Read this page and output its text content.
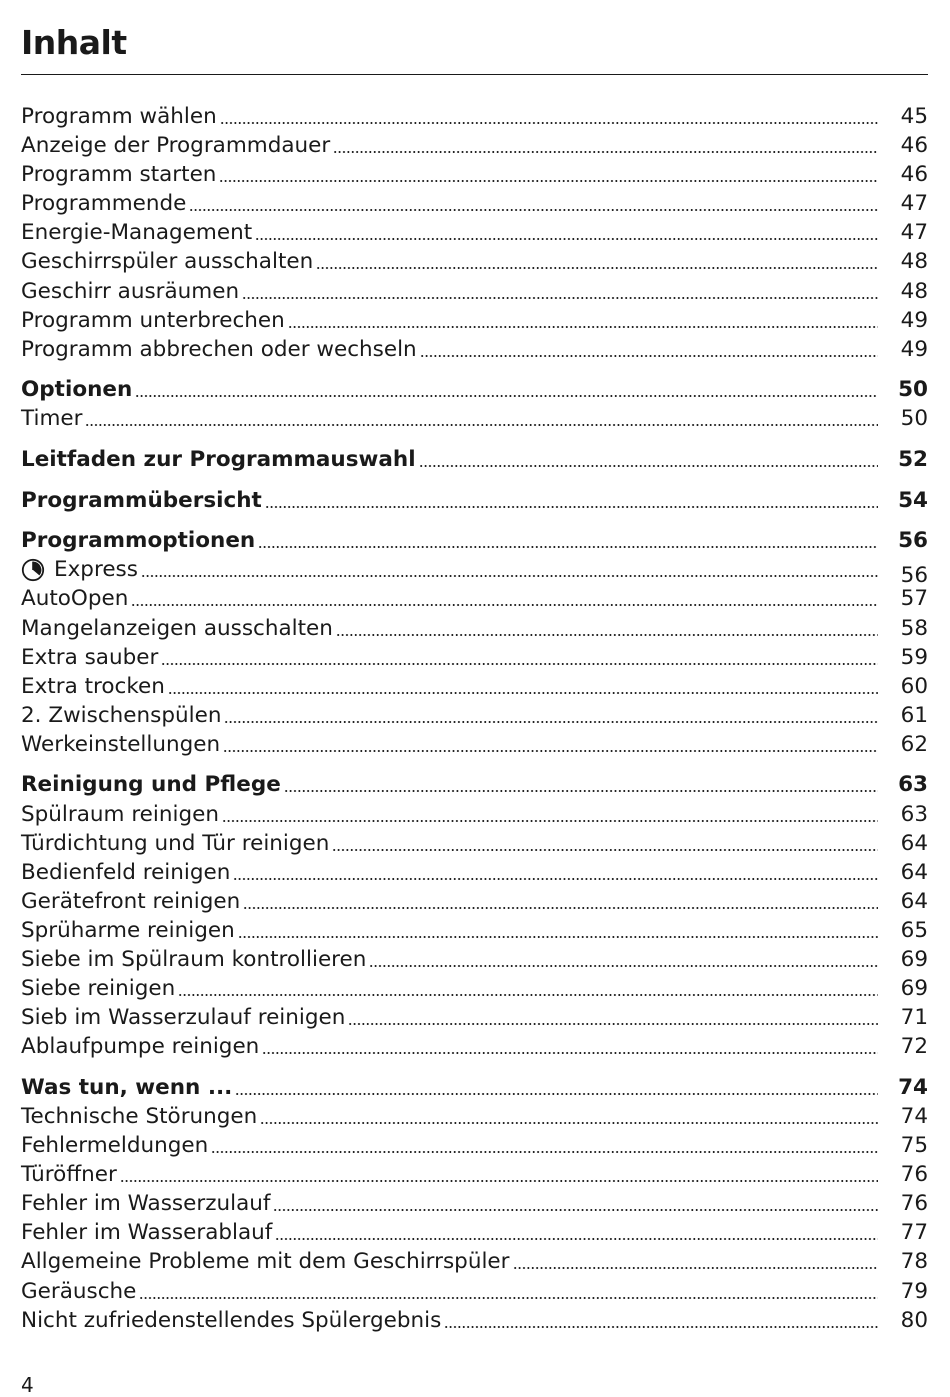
Inhalt
Programm wählen	45
Anzeige der Programmdauer	46
Programm starten	46
Programmende	47
Energie-Management	47
Geschirrspüler ausschalten	48
Geschirr ausräumen	48
Programm unterbrechen	49
Programm abbrechen oder wechseln	49
Optionen	50
Timer	50
Leitfaden zur Programmauswahl	52
Programmübersicht	54
Programmoptionen	56
Express	56
AutoOpen	57
Mangelanzeigen ausschalten	58
Extra sauber	59
Extra trocken	60
2. Zwischenspülen	61
Werkeinstellungen	62
Reinigung und Pflege	63
Spülraum reinigen	63
Türdichtung und Tür reinigen	64
Bedienfeld reinigen	64
Gerätefront reinigen	64
Sprüharme reinigen	65
Siebe im Spülraum kontrollieren	69
Siebe reinigen	69
Sieb im Wasserzulauf reinigen	71
Ablaufpumpe reinigen	72
Was tun, wenn ...	74
Technische Störungen	74
Fehlermeldungen	75
Türöffner	76
Fehler im Wasserzulauf	76
Fehler im Wasserablauf	77
Allgemeine Probleme mit dem Geschirrspüler	78
Geräusche	79
Nicht zufriedenstellendes Spülergebnis	80
4
